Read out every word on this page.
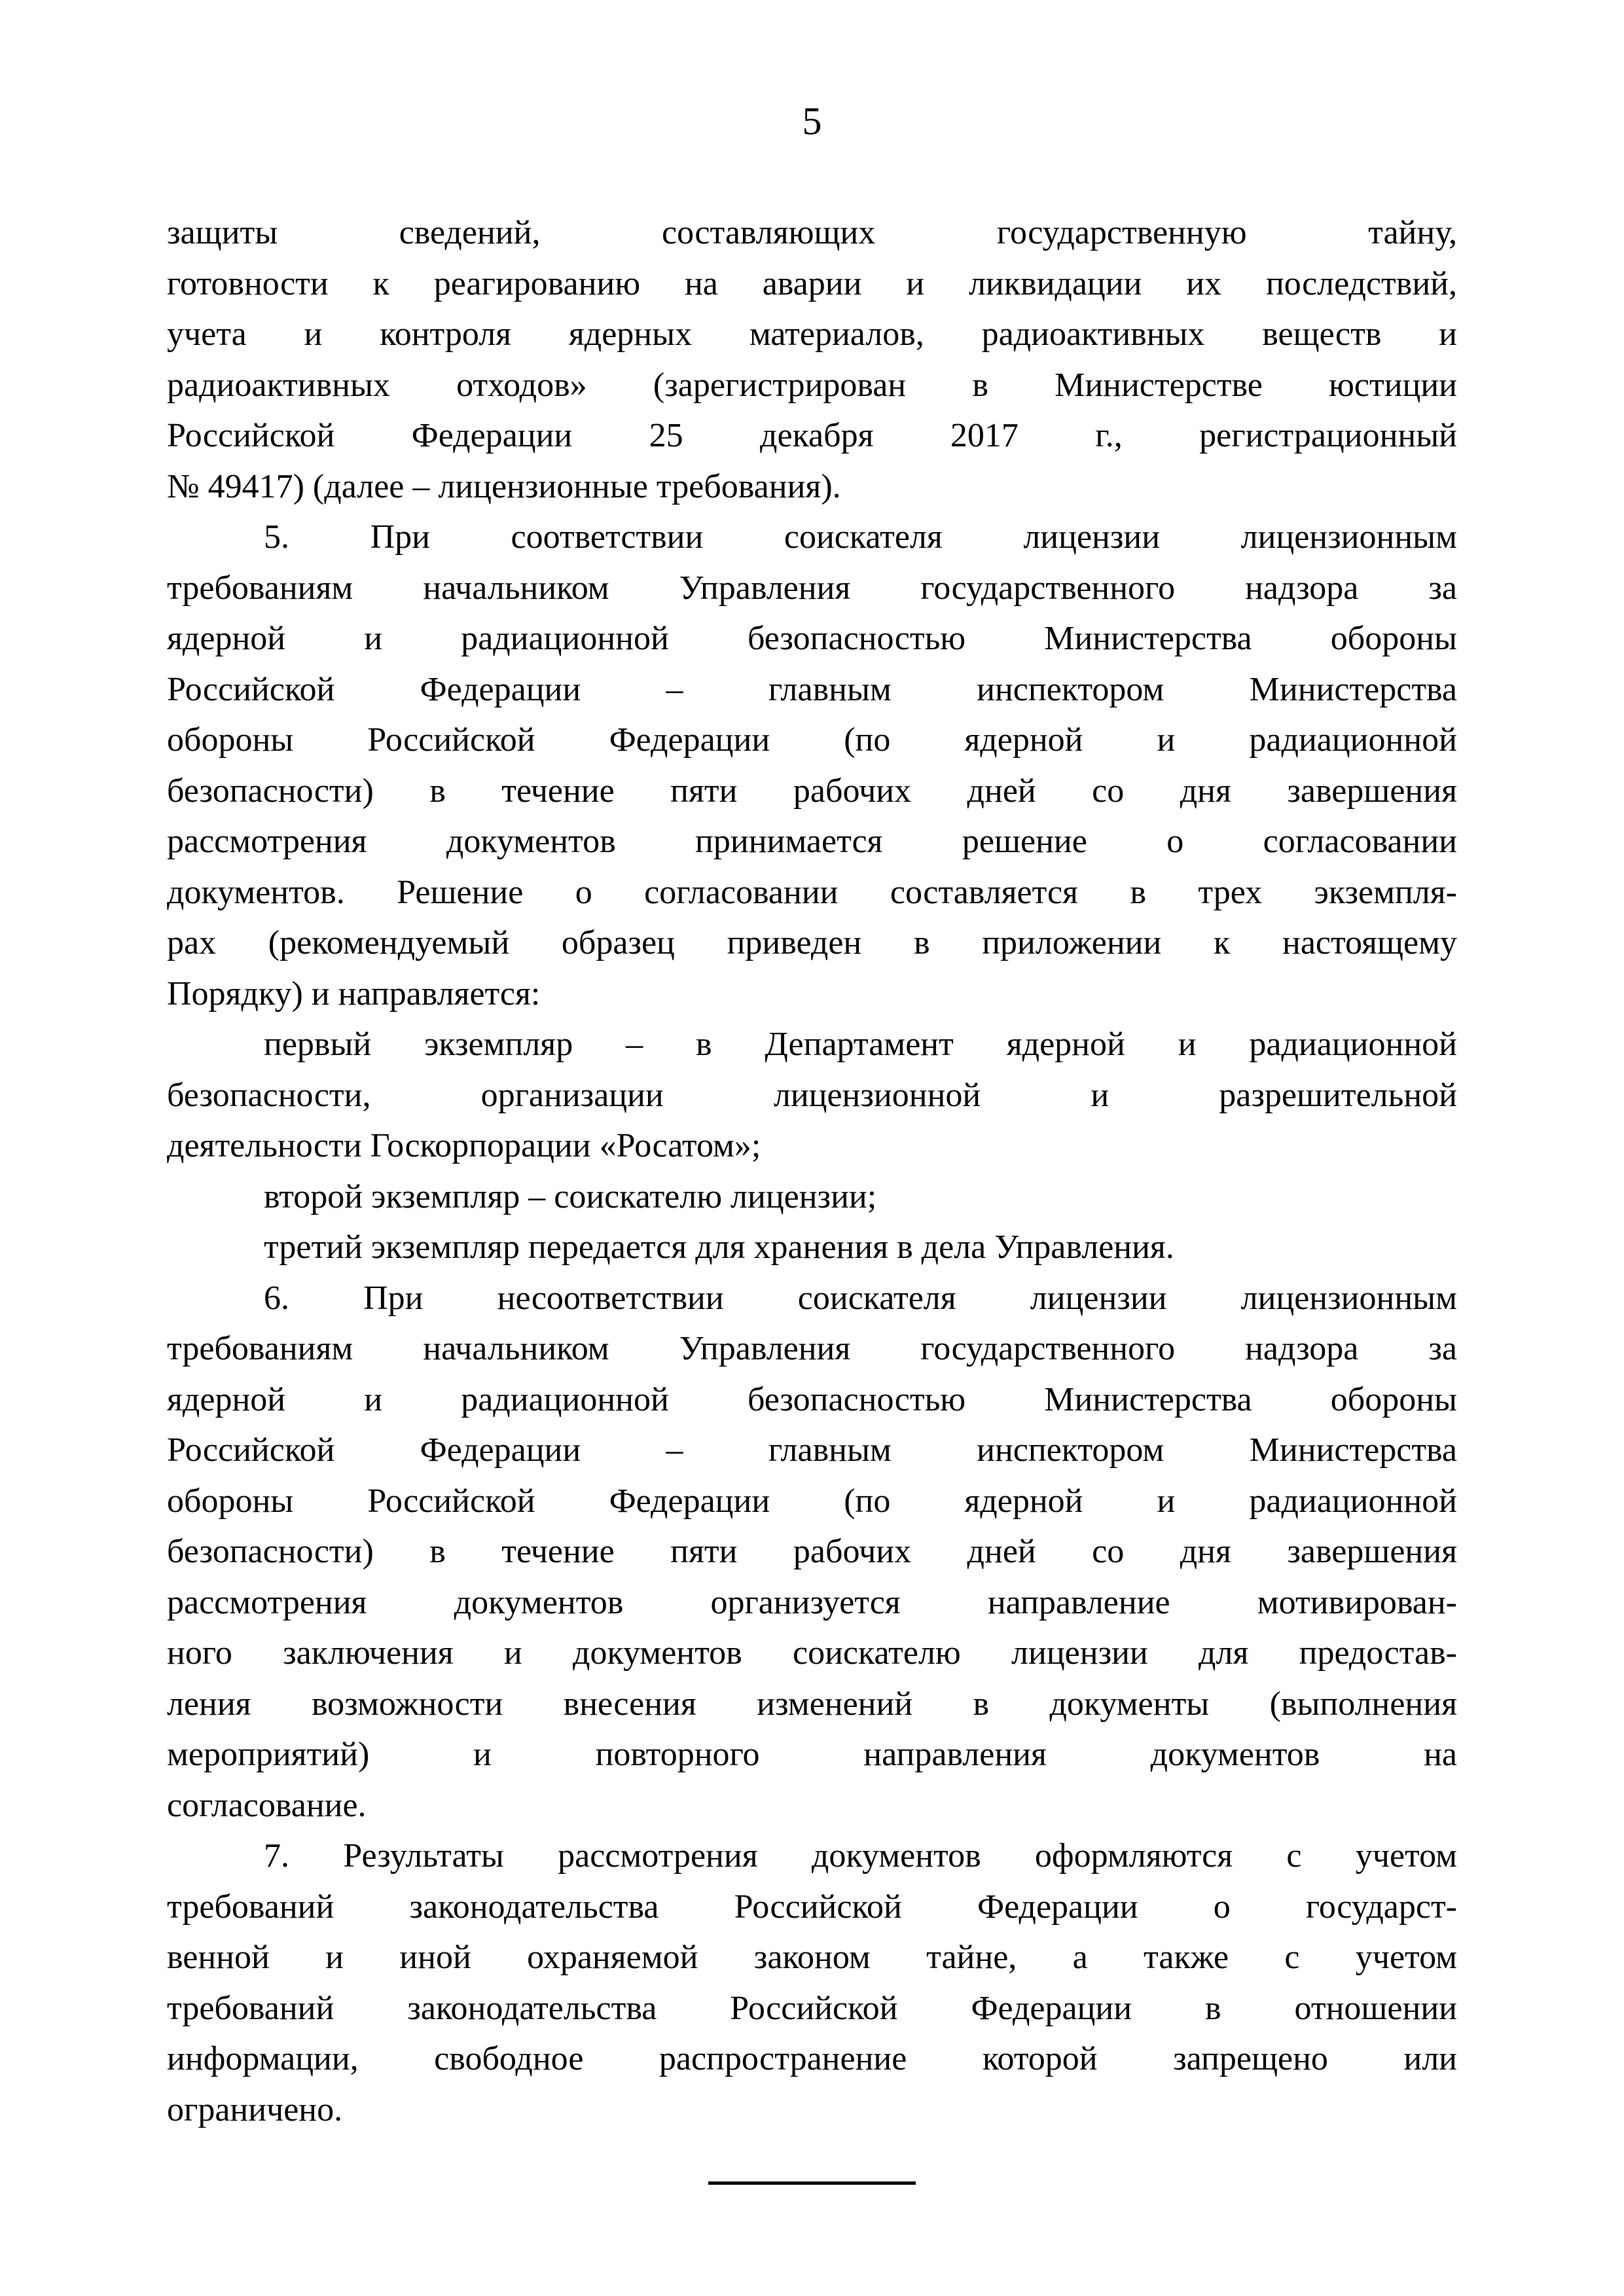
5
защиты сведений, составляющих государственную тайну,
готовности к реагированию на аварии и ликвидации их последствий,
учета и контроля ядерных материалов, радиоактивных веществ и
радиоактивных отходов» (зарегистрирован в Министерстве юстиции
Российской Федерации 25 декабря 2017 г., регистрационный
№ 49417) (далее – лицензионные требования).
5. При соответствии соискателя лицензии лицензионным
требованиям начальником Управления государственного надзора за
ядерной и радиационной безопасностью Министерства обороны
Российской Федерации – главным инспектором Министерства
обороны Российской Федерации (по ядерной и радиационной
безопасности) в течение пяти рабочих дней со дня завершения
рассмотрения документов принимается решение о согласовании
документов. Решение о согласовании составляется в трех экземпля-
рах (рекомендуемый образец приведен в приложении к настоящему
Порядку) и направляется:
первый экземпляр – в Департамент ядерной и радиационной
безопасности, организации лицензионной и разрешительной
деятельности Госкорпорации «Росатом»;
второй экземпляр – соискателю лицензии;
третий экземпляр передается для хранения в дела Управления.
6. При несоответствии соискателя лицензии лицензионным
требованиям начальником Управления государственного надзора за
ядерной и радиационной безопасностью Министерства обороны
Российской Федерации – главным инспектором Министерства
обороны Российской Федерации (по ядерной и радиационной
безопасности) в течение пяти рабочих дней со дня завершения
рассмотрения документов организуется направление мотивирован-
ного заключения и документов соискателю лицензии для предостав-
ления возможности внесения изменений в документы (выполнения
мероприятий) и повторного направления документов на
согласование.
7. Результаты рассмотрения документов оформляются с учетом
требований законодательства Российской Федерации о государст-
венной и иной охраняемой законом тайне, а также с учетом
требований законодательства Российской Федерации в отношении
информации, свободное распространение которой запрещено или
ограничено.
